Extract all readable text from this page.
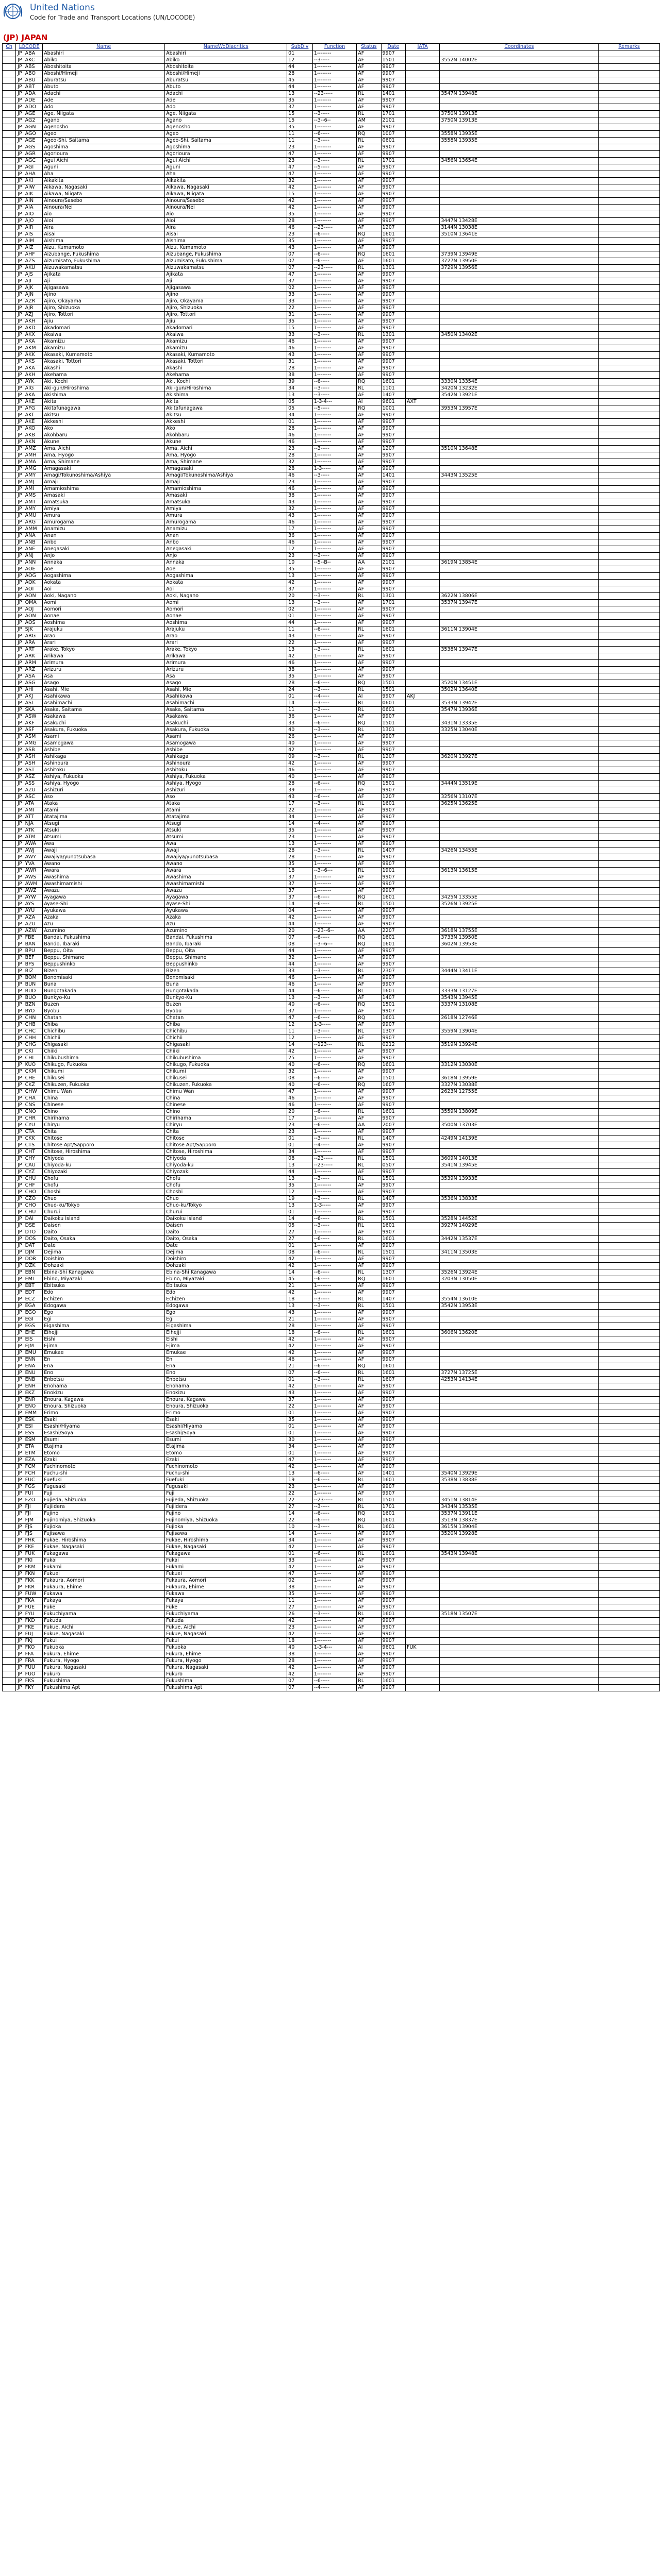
United Nations
Code for Trade and Transport Locations (UN/LOCODE)
(JP) JAPAN
Ch	LOCODE	Name	NameWoDiacritics	SubDiv	Function	Status	Date	IATA	Coordinates	Remarks
	JP ABA	Abashiri	Abashiri	01	1--------	AF	9907			
	JP AKC	Abiko	Abiko	12	--3-----	AF	1501		3552N 14002E	
	JP ABS	Aboshitoita	Aboshitoita	44	1--------	AF	9907			
	JP ABO	Aboshi/Himeji	Aboshi/Himeji	28	1--------	AF	9907			
	JP ABU	Aburatsu	Aburatsu	45	1--------	AF	9907			
	JP ABT	Abuto	Abuto	44	1--------	AF	9907			
	JP ADA	Adachi	Adachi	13	--23-----	RL	1401		3547N 13948E	
	JP ADE	Ade	Ade	35	1--------	AF	9907			
	JP ADO	Ado	Ado	37	1--------	AF	9907			
	JP AGE	Age, Niigata	Age, Niigata	15	--3-----	RL	1701		3750N 13913E	
	JP AG2	Agano	Agano	15	--3--6--	AM	2101		3750N 13913E	
	JP AGN	Agenosho	Agenosho	35	1--------	AF	9907			
	JP AGO	Ageo	Ageo	11	--6-----	RQ	1007		3558N 13935E	
	JP AGE	Ageo-Shi, Saitama	Ageo-Shi, Saitama	11	--3-----	RL	0601		3558N 13935E	
	JP AGS	Agoshima	Agoshima	23	1--------	AF	9907			
	JP AGR	Agorioura	Agorioura	47	1--------	AF	9907			
	JP AGC	Agui Aichi	Agui Aichi	23	--3-----	RL	1701		3456N 13654E	
	JP AGI	Aguni	Aguni	47	--5-----	AF	9907			
	JP AHA	Aha	Aha	47	1--------	AF	9907			
	JP AKI	Aikakita	Aikakita	32	1--------	AF	9907			
	JP AIW	Aikawa, Nagasaki	Aikawa, Nagasaki	42	1--------	AF	9907			
	JP AIK	Aikawa, Niigata	Aikawa, Niigata	15	1--------	AF	9907			
	JP AIN	Ainoura/Sasebo	Ainoura/Sasebo	42	1--------	AF	9907			
	JP AIA	Ainoura/Nei	Ainoura/Nei	42	1--------	AF	9907			
	JP AIO	Aio	Aio	35	1--------	AF	9907			
	JP AJO	Aioi	Aioi	28	1--------	AF	9907		3447N 13428E	
	JP AIR	Aira	Aira	46	--23-----	AF	1207		3144N 13038E	
	JP AIS	Aisai	Aisai	23	--6-----	RQ	1601		3510N 13641E	
	JP AIM	Aishima	Aishima	35	1--------	AF	9907			
	JP AIZ	Aizu, Kumamoto	Aizu, Kumamoto	43	1--------	AF	9907			
	JP AHF	Aizubange, Fukushima	Aizubange, Fukushima	07	--6-----	RQ	1601		3739N 13949E	
	JP AZS	Aizumisato, Fukushima	Aizumisato, Fukushima	07	--6-----	AF	1601		3727N 13950E	
	JP AKU	Aizuwakamatsu	Aizuwakamatsu	07	--23-----	RL	1301		3729N 13956E	
	JP AJS	Ajikata	Ajikata	47	1--------	AF	9907			
	JP AJI	Aji	Aji	37	1--------	AF	9907			
	JP AJK	Ajigasawa	Ajigasawa	02	1--------	AF	9907			
	JP AJN	Ajino	Ajino	33	1--------	AF	9907			
	JP AZR	Ajiro, Okayama	Ajiro, Okayama	33	1--------	AF	9907			
	JP AJR	Ajiro, Shizuoka	Ajiro, Shizuoka	22	1--------	AF	9907			
	JP AZJ	Ajiro, Tottori	Ajiro, Tottori	31	1--------	AF	9907			
	JP AKH	Ajiu	Ajiu	35	1--------	AF	9907			
	JP AKD	Akadomari	Akadomari	15	1--------	AF	9907			
	JP AKX	Akaiwa	Akaiwa	33	--3-----	RL	1301		3450N 13402E	
	JP AKA	Akamizu	Akamizu	46	1--------	AF	9907			
	JP AKM	Akamizu	Akamizu	46	1--------	AF	9907			
	JP AKK	Akasaki, Kumamoto	Akasaki, Kumamoto	43	1--------	AF	9907			
	JP AKS	Akasaki, Tottori	Akasaki, Tottori	31	1--------	AF	9907			
	JP AKA	Akashi	Akashi	28	1--------	AF	9907			
	JP AKH	Akehama	Akehama	38	1--------	AF	9907			
	JP AYK	Aki, Kochi	Aki, Kochi	39	--6-----	RQ	1601		3330N 13354E	
	JP AIG	Aki-gun/Hiroshima	Aki-gun/Hiroshima	34	--3-----	RL	1101		3420N 13232E	
	JP AKA	Akishima	Akishima	13	--3-----	AF	1407		3542N 13921E	
	JP AKE	Akita	Akita	05	1-3-4---	AI	9601	AXT		
	JP AFG	Akitafunagawa	Akitafunagawa	05	--5-----	RQ	1001		3953N 13957E	
	JP AKT	Akitsu	Akitsu	34	1--------	AF	9907			
	JP AKE	Akkeshi	Akkeshi	01	1--------	AF	9907			
	JP AKO	Ako	Ako	28	1--------	AF	9907			
	JP AKB	Akohbaru	Akohbaru	46	1--------	AF	9907			
	JP AKN	Akune	Akune	46	1--------	AF	9907			
	JP AMZ	Ama, Aichi	Ama, Aichi	23	--3-----	AF	1207		3510N 13648E	
	JP AMH	Ama, Hyogo	Ama, Hyogo	28	1--------	AF	9907			
	JP AMA	Ama, Shimane	Ama, Shimane	32	1--------	AF	9907			
	JP AMG	Amagasaki	Amagasaki	28	1-3-----	AF	9907			
	JP AMY	Amagi/Tokunoshima/Ashiya	Amagi/Tokunoshima/Ashiya	46	--3-----	AF	1401		3443N 13525E	
	JP AMJ	Amaji	Amaji	23	1--------	AF	9907			
	JP AMI	Amamioshima	Amamioshima	46	1--------	AF	9907			
	JP AMS	Amasaki	Amasaki	38	1--------	AF	9907			
	JP AMT	Amatsuka	Amatsuka	43	1--------	AF	9907			
	JP AMY	Amiya	Amiya	32	1--------	AF	9907			
	JP AMU	Amura	Amura	43	1--------	AF	9907			
	JP ARG	Amurogama	Amurogama	46	1--------	AF	9907			
	JP AMM	Anamizu	Anamizu	17	1--------	AF	9907			
	JP ANA	Anan	Anan	36	1--------	AF	9907			
	JP ANB	Anbo	Anbo	46	1--------	AF	9907			
	JP ANE	Anegasaki	Anegasaki	12	1--------	AF	9907			
	JP ANJ	Anjo	Anjo	23	--3-----	AF	9907			
	JP ANN	Annaka	Annaka	10	--5--B--	AA	2101		3619N 13854E	
	JP AOE	Aoe	Aoe	35	1--------	AF	9907			
	JP AOG	Aogashima	Aogashima	13	1--------	AF	9907			
	JP AOK	Aokata	Aokata	42	1--------	AF	9907			
	JP AOI	Aoi	Aoi	37	1--------	AF	9907			
	JP AON	Aoki, Nagano	Aoki, Nagano	20	--3-----	RL	1301		3622N 13806E	
	JP OMA	Aomi	Aomi	13	--3-----	AF	1701		3537N 13947E	
	JP AOJ	Aomori	Aomori	02	1--------	AF	9907			
	JP AON	Aonae	Aonae	01	1--------	AF	9907			
	JP AOS	Aoshima	Aoshima	44	1--------	AF	9907			
	JP SJK	Arajuku	Arajuku	11	--6-----	RL	1601		3611N 13904E	
	JP ARG	Arao	Arao	43	1--------	AF	9907			
	JP ARA	Arari	Arari	22	1--------	AF	9907			
	JP ART	Arake, Tokyo	Arake, Tokyo	13	--3-----	RL	1601		3538N 13947E	
	JP ARK	Arikawa	Arikawa	42	1--------	AF	9907			
	JP ARM	Arimura	Arimura	46	1--------	AF	9907			
	JP ARZ	Arizuru	Arizuru	38	1--------	AF	9907			
	JP ASA	Asa	Asa	35	1--------	AF	9907			
	JP ASG	Asago	Asago	28	--6-----	RQ	1501		3520N 13451E	
	JP AHI	Asahi, Mie	Asahi, Mie	24	--3-----	RL	1501		3502N 13640E	
	JP AKJ	Asahikawa	Asahikawa	01	--4-----	AI	9907	AKJ		
	JP ASI	Asahimachi	Asahimachi	14	--3-----	RL	0601		3533N 13942E	
	JP SKA	Asaka, Saitama	Asaka, Saitama	11	--3-----	RL	0601		3547N 13936E	
	JP ASW	Asakawa	Asakawa	36	1--------	AF	9907			
	JP AKF	Asakuchi	Asakuchi	33	--6-----	RQ	1501		3431N 13335E	
	JP ASF	Asakura, Fukuoka	Asakura, Fukuoka	40	--3-----	RL	1301		3325N 13040E	
	JP ASM	Asami	Asami	26	1--------	AF	9907			
	JP AMG	Asamogawa	Asamogawa	40	1--------	AF	9907			
	JP ASB	Ashibe	Ashibe	42	1--------	AF	9907			
	JP ASH	Ashikaga	Ashikaga	09	--3-----	RL	1207		3620N 13927E	
	JP ASH	Ashinoura	Ashinoura	42	1--------	AF	9907			
	JP AST	Ashitoku	Ashitoku	46	1--------	AF	9907			
	JP ASZ	Ashiya, Fukuoka	Ashiya, Fukuoka	40	1--------	AF	9907			
	JP ASS	Ashiya, Hyogo	Ashiya, Hyogo	28	--6-----	RQ	1501		3444N 13519E	
	JP AZU	Ashizuri	Ashizuri	39	1--------	AF	9907			
	JP ASC	Aso	Aso	43	--6-----	AF	1207		3256N 13107E	
	JP ATA	Ataka	Ataka	17	--3-----	RL	1601		3625N 13625E	
	JP AMI	Atami	Atami	22	1--------	AF	9907			
	JP ATT	Atatajima	Atatajima	34	1--------	AF	9907			
	JP NJA	Atsugi	Atsugi	14	--4-----	AF	9907			
	JP ATK	Atsuki	Atsuki	35	1--------	AF	9907			
	JP ATM	Atsumi	Atsumi	23	1--------	AF	9907			
	JP AWA	Awa	Awa	13	1--------	AF	9907			
	JP AWJ	Awaji	Awaji	28	--3-----	RL	1407		3426N 13455E	
	JP AWY	Awajiya/yunotsubasa	Awajiya/yunotsubasa	28	1--------	AF	9907			
	JP YVA	Awano	Awano	35	1--------	AF	9907			
	JP AWR	Awara	Awara	18	--3--6---	RL	1901		3613N 13615E	
	JP AWS	Awashima	Awashima	37	1--------	AF	9907			
	JP AWM	Awashimamishi	Awashimamishi	37	1--------	AF	9907			
	JP AWZ	Awazu	Awazu	37	1--------	AF	9907			
	JP AYW	Ayagawa	Ayagawa	37	--6-----	RQ	1601		3425N 13355E	
	JP AYS	Ayase-Shi	Ayase-Shi	14	--6-----	RL	1501		3526N 13925E	
	JP AYU	Ayukawa	Ayukawa	04	1--------	AF	9907			
	JP AZA	Azaka	Azaka	42	1--------	AF	9907			
	JP AZU	Azu	Azu	44	1--------	AF	9907			
	JP AZW	Azumino	Azumino	20	--23--6--	AA	2207		3618N 13755E	
	JP FBE	Bandai, Fukushima	Bandai, Fukushima	07	--6-----	RQ	1601		3733N 13950E	
	JP BAN	Bando, Ibaraki	Bando, Ibaraki	08	--3--6---	RQ	1601		3602N 13953E	
	JP BPU	Beppu, Oita	Beppu, Oita	44	1--------	AF	9907			
	JP BEF	Beppu, Shimane	Beppu, Shimane	32	1--------	AF	9907			
	JP BFS	Beppushinko	Beppushinko	44	1--------	AF	9907			
	JP BIZ	Bizen	Bizen	33	--3-----	RL	2307		3444N 13411E	
	JP BOM	Bonomisaki	Bonomisaki	46	1--------	AF	9907			
	JP BUN	Buna	Buna	46	1--------	AF	9907			
	JP BUD	Bungotakada	Bungotakada	44	--6-----	RL	1601		3333N 13127E	
	JP BUO	Bunkyo-Ku	Bunkyo-Ku	13	--3-----	AF	1407		3543N 13945E	
	JP BZN	Buzen	Buzen	40	--6-----	RQ	1501		3337N 13108E	
	JP BYO	Byobu	Byobu	37	1--------	AF	9907			
	JP CHN	Chatan	Chatan	47	--6-----	RQ	1601		2618N 12746E	
	JP CHB	Chiba	Chiba	12	1-3-----	AF	9907			
	JP CHC	Chichibu	Chichibu	11	--3-----	RL	1307		3559N 13904E	
	JP CHH	Chichii	Chichii	12	1--------	AF	9907			
	JP CHG	Chigasaki	Chigasaki	14	--123---	RL	0212		3519N 13924E	
	JP CKI	Chiiki	Chiiki	42	1--------	AF	9907			
	JP CHI	Chikubushima	Chikubushima	25	1--------	AF	9907			
	JP KUO	Chikugo, Fukuoka	Chikugo, Fukuoka	40	--6-----	RQ	1601		3312N 13030E	
	JP CKM	Chikumi	Chikumi	32	1--------	AF	9907			
	JP CHE	Chikusei	Chikusei	08	--6-----	AF	1501		3618N 13959E	
	JP CKZ	Chikuzen, Fukuoka	Chikuzen, Fukuoka	40	--6-----	RQ	1607		3327N 13038E	
	JP CHW	Chimu Wan	Chimu Wan	47	1--------	AF	9907		2623N 12755E	
	JP CHA	China	China	46	1--------	AF	9907			
	JP CNS	Chinese	Chinese	46	1--------	AF	9907			
	JP CNO	Chino	Chino	20	--6-----	RL	1601		3559N 13809E	
	JP CHR	Chirihama	Chirihama	17	1--------	AF	9907			
	JP CYU	Chiryu	Chiryu	23	--6-----	AA	2007		3500N 13703E	
	JP CTA	Chita	Chita	23	1--------	AF	9907			
	JP CKK	Chitose	Chitose	01	--3-----	RL	1407		4249N 14139E	
	JP CTS	Chitose Apt/Sapporo	Chitose Apt/Sapporo	01	--4-----	AF	9907			
	JP CHT	Chitose, Hiroshima	Chitose, Hiroshima	34	1--------	AF	9907			
	JP CHY	Chiyoda	Chiyoda	08	--23-----	RL	1501		3609N 14013E	
	JP CAU	Chiyoda-ku	Chiyoda-ku	13	--23-----	RL	0507		3541N 13945E	
	JP CYZ	Chiyozaki	Chiyozaki	44	1--------	AF	9907			
	JP CHU	Chofu	Chofu	13	--3-----	RL	1501		3539N 13933E	
	JP CHF	Chofu	Chofu	35	1--------	AF	9907			
	JP CHO	Choshi	Choshi	12	1--------	AF	9907			
	JP CZO	Chuo	Chuo	19	--3-----	RL	1407		3536N 13833E	
	JP CHO	Chuo-ku/Tokyo	Chuo-ku/Tokyo	13	1-3-----	AF	9907			
	JP CHU	Churui	Churui	01	1--------	AF	9907			
	JP DAI	Daikoku Island	Daikoku Island	14	--6-----	RL	1501		3528N 14452E	
	JP DSE	Daisen	Daisen	05	--3-----	RL	1601		3927N 14029E	
	JP DTO	Daito	Daito	27	1--------	AF	9907			
	JP DOS	Daito, Osaka	Daito, Osaka	27	--6-----	RL	1601		3442N 13537E	
	JP DAT	Date	Date	01	1--------	AF	9907			
	JP DJM	Dejima	Dejima	08	--6-----	RL	1501		3411N 13503E	
	JP DOR	Doishiro	Doishiro	42	1--------	AF	9907			
	JP DZK	Dohzaki	Dohzaki	42	1--------	AF	9907			
	JP EBN	Ebina-Shi Kanagawa	Ebina-Shi Kanagawa	14	--6-----	RL	1307		3526N 13924E	
	JP EMI	Ebino, Miyazaki	Ebino, Miyazaki	45	--6-----	RQ	1601		3203N 13050E	
	JP EBT	Ebitsuka	Ebitsuka	21	1--------	AF	9907			
	JP EDT	Edo	Edo	42	1--------	AF	9907			
	JP ECZ	Echizen	Echizen	18	--3-----	RL	1407		3554N 13610E	
	JP EGA	Edogawa	Edogawa	13	--3-----	RL	1501		3542N 13953E	
	JP EGO	Ego	Ego	43	1--------	AF	9907			
	JP EGI	Egi	Egi	21	1--------	AF	9907			
	JP EGS	Eigashima	Eigashima	28	1--------	AF	9907			
	JP EHE	Eihejji	Eihejji	18	--6-----	RL	1601		3606N 13620E	
	JP EIS	Eishi	Eishi	42	1--------	AF	9907			
	JP EJM	Ejima	Ejima	42	1--------	AF	9907			
	JP EMU	Emukae	Emukae	42	1--------	AF	9907			
	JP ENN	En	En	46	1--------	AF	9907			
	JP ENA	Ena	Ena	21	--6-----	RQ	1601			
	JP ENU	Eno	Eno	07	--6-----	RL	1601		3727N 13725E	
	JP ENB	Enbetsu	Enbetsu	01	--3-----	RL	1607		4253N 14134E	
	JP ENH	Enohama	Enohama	42	1--------	AF	9907			
	JP EKZ	Enokizu	Enokizu	43	1--------	AF	9907			
	JP ENR	Enoura, Kagawa	Enoura, Kagawa	37	1--------	AF	9907			
	JP ENO	Enoura, Shizuoka	Enoura, Shizuoka	22	1--------	AF	9907			
	JP EMM	Erimo	Erimo	01	1--------	AF	9907			
	JP ESK	Esaki	Esaki	35	1--------	AF	9907			
	JP ESI	Esashi/Hiyama	Esashi/Hiyama	01	1--------	AF	9907			
	JP ESS	Esashi/Soya	Esashi/Soya	01	1--------	AF	9907			
	JP ESM	Esumi	Esumi	30	1--------	AF	9907			
	JP ETA	Etajima	Etajima	34	1--------	AF	9907			
	JP ETM	Etomo	Etomo	01	1--------	AF	9907			
	JP EZA	Ezaki	Ezaki	47	1--------	AF	9907			
	JP FCM	Fuchinomoto	Fuchinomoto	42	1--------	AF	9907			
	JP FCH	Fuchu-shi	Fuchu-shi	13	--6-----	AF	1401		3540N 13929E	
	JP FUC	Fuefuki	Fuefuki	19	--6-----	RL	1601		3538N 13838E	
	JP FGS	Fugusaki	Fugusaki	23	1--------	AF	9907			
	JP FUI	Fuji	Fuji	22	1--------	AF	9907			
	JP FZO	Fujieda, Shizuoka	Fujieda, Shizuoka	22	--23-----	RL	1501		3451N 13814E	
	JP FJI	Fujiidera	Fujiidera	27	--3-----	RL	1701		3434N 13535E	
	JP FJI	Fujino	Fujino	14	--6-----	RQ	1601		3537N 13911E	
	JP FJM	Fujinomiya, Shizuoka	Fujinomiya, Shizuoka	22	--6-----	RQ	1601		3513N 13837E	
	JP FJS	Fujioka	Fujioka	10	--3-----	RL	1601		3615N 13904E	
	JP FJS	Fujisawa	Fujisawa	14	1--------	AF	9907		3520N 13928E	
	JP FHK	Fukae, Hiroshima	Fukae, Hiroshima	34	1--------	AF	9907			
	JP FKE	Fukae, Nagasaki	Fukae, Nagasaki	42	1--------	AF	9907			
	JP FUK	Fukagawa	Fukagawa	01	--6-----	RL	1601		3543N 13948E	
	JP FKI	Fukai	Fukai	33	1--------	AF	9907			
	JP FKM	Fukami	Fukami	42	1--------	AF	9907			
	JP FKN	Fukuei	Fukuei	47	1--------	AF	9907			
	JP FKK	Fukaura, Aomori	Fukaura, Aomori	02	1--------	AF	9907			
	JP FKR	Fukaura, Ehime	Fukaura, Ehime	38	1--------	AF	9907			
	JP FUW	Fukawa	Fukawa	35	1--------	AF	9907			
	JP FKA	Fukaya	Fukaya	11	1--------	AF	9907			
	JP FUE	Fuke	Fuke	27	1--------	AF	9907			
	JP FYU	Fukuchiyama	Fukuchiyama	26	--3-----	RL	1601		3518N 13507E	
	JP FKD	Fukuda	Fukuda	42	1--------	AF	9907			
	JP FKE	Fukue, Aichi	Fukue, Aichi	23	1--------	AF	9907			
	JP FUJ	Fukue, Nagasaki	Fukue, Nagasaki	42	1--------	AF	9907			
	JP FKJ	Fukui	Fukui	18	1--------	AF	9907			
	JP FKO	Fukuoka	Fukuoka	40	1-3-4---	AI	9601	FUK		
	JP FFA	Fukura, Ehime	Fukura, Ehime	38	1--------	AF	9907			
	JP FRA	Fukura, Hyogo	Fukura, Hyogo	28	1--------	AF	9907			
	JP FUU	Fukura, Nagasaki	Fukura, Nagasaki	42	1--------	AF	9907			
	JP FUO	Fukuro	Fukuro	42	1--------	AF	9907			
	JP FKS	Fukushima	Fukushima	07	--6-----	RL	1601			
	JP FKY	Fukushima Apt	Fukushima Apt	07	--4-----	AF	9907			
